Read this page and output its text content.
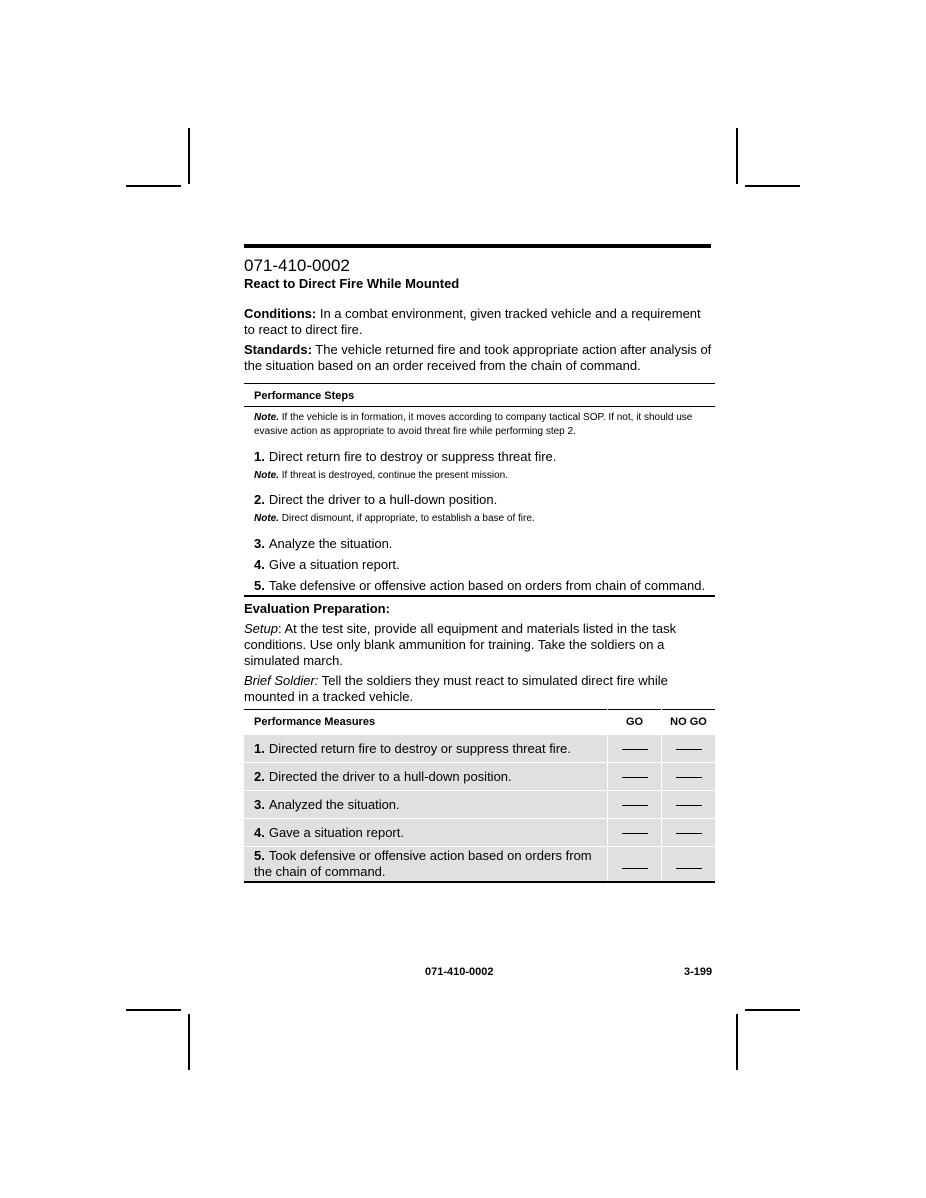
071-410-0002
React to Direct Fire While Mounted
Conditions: In a combat environment, given tracked vehicle and a requirement to react to direct fire.
Standards: The vehicle returned fire and took appropriate action after analysis of the situation based on an order received from the chain of command.
Performance Steps
Note. If the vehicle is in formation, it moves according to company tactical SOP. If not, it should use evasive action as appropriate to avoid threat fire while performing step 2.
1. Direct return fire to destroy or suppress threat fire.
Note. If threat is destroyed, continue the present mission.
2. Direct the driver to a hull-down position.
Note. Direct dismount, if appropriate, to establish a base of fire.
3. Analyze the situation.
4. Give a situation report.
5. Take defensive or offensive action based on orders from chain of command.
Evaluation Preparation:
Setup: At the test site, provide all equipment and materials listed in the task conditions. Use only blank ammunition for training. Take the soldiers on a simulated march.
Brief Soldier: Tell the soldiers they must react to simulated direct fire while mounted in a tracked vehicle.
Performance Measures	GO	NO GO
1. Directed return fire to destroy or suppress threat fire.		
2. Directed the driver to a hull-down position.		
3. Analyzed the situation.		
4. Gave a situation report.		
5. Took defensive or offensive action based on orders from the chain of command.		
071-410-0002	3-199
